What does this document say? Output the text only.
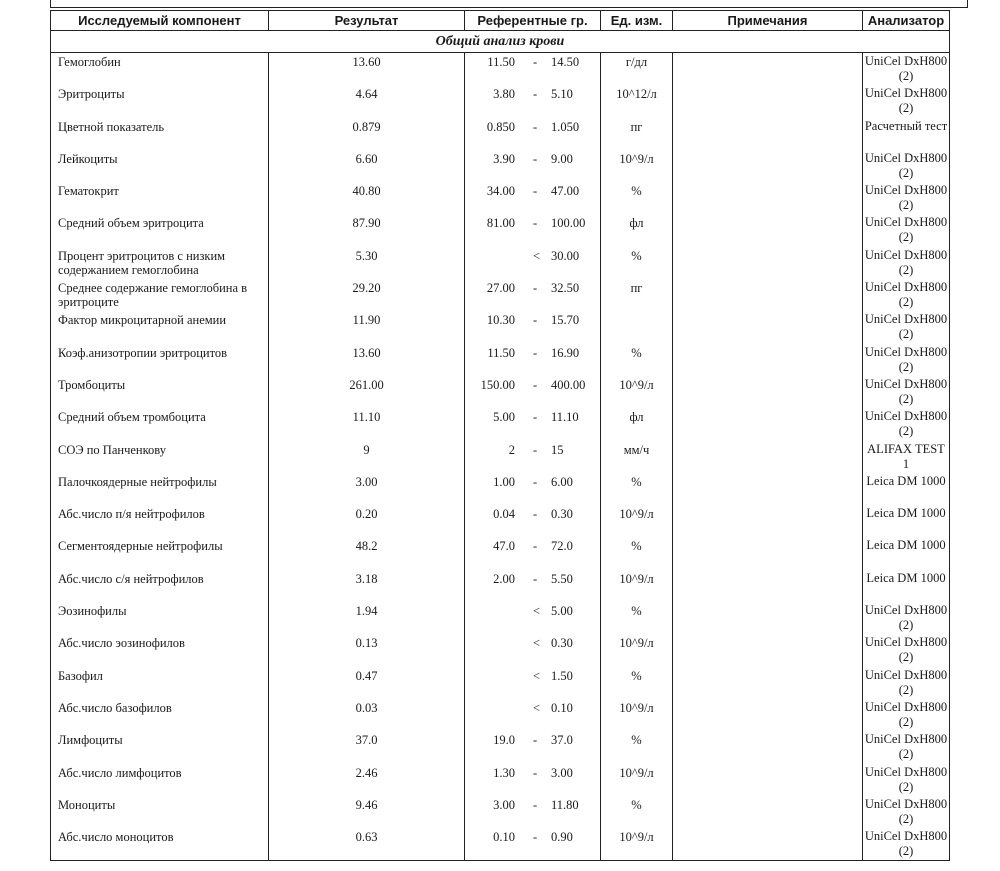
Исследуемый компонент	Результат	Референтные гр.	Ед. изм.	Примечания	Анализатор
Общий анализ крови					
Гемоглобин	13.60	11.50 - 14.50	г/дл		UniCel DxH800 (2)
Эритроциты	4.64	3.80 - 5.10	10^12/л		UniCel DxH800 (2)
Цветной показатель	0.879	0.850 - 1.050	пг		Расчетный тест
Лейкоциты	6.60	3.90 - 9.00	10^9/л		UniCel DxH800 (2)
Гематокрит	40.80	34.00 - 47.00	%		UniCel DxH800 (2)
Средний объем эритроцита	87.90	81.00 - 100.00	фл		UniCel DxH800 (2)
Процент эритроцитов с низким содержанием гемоглобина	5.30	< 30.00	%		UniCel DxH800 (2)
Среднее содержание гемоглобина в эритроците	29.20	27.00 - 32.50	пг		UniCel DxH800 (2)
Фактор микроцитарной анемии	11.90	10.30 - 15.70			UniCel DxH800 (2)
Коэф.анизотропии эритроцитов	13.60	11.50 - 16.90	%		UniCel DxH800 (2)
Тромбоциты	261.00	150.00 - 400.00	10^9/л		UniCel DxH800 (2)
Средний объем тромбоцита	11.10	5.00 - 11.10	фл		UniCel DxH800 (2)
СОЭ по Панченкову	9	2 - 15	мм/ч		ALIFAX TEST 1
Палочкоядерные нейтрофилы	3.00	1.00 - 6.00	%		Leica DM 1000
Абс.число п/я нейтрофилов	0.20	0.04 - 0.30	10^9/л		Leica DM 1000
Сегментоядерные нейтрофилы	48.2	47.0 - 72.0	%		Leica DM 1000
Абс.число с/я нейтрофилов	3.18	2.00 - 5.50	10^9/л		Leica DM 1000
Эозинофилы	1.94	< 5.00	%		UniCel DxH800 (2)
Абс.число эозинофилов	0.13	< 0.30	10^9/л		UniCel DxH800 (2)
Базофил	0.47	< 1.50	%		UniCel DxH800 (2)
Абс.число базофилов	0.03	< 0.10	10^9/л		UniCel DxH800 (2)
Лимфоциты	37.0	19.0 - 37.0	%		UniCel DxH800 (2)
Абс.число лимфоцитов	2.46	1.30 - 3.00	10^9/л		UniCel DxH800 (2)
Моноциты	9.46	3.00 - 11.80	%		UniCel DxH800 (2)
Абс.число моноцитов	0.63	0.10 - 0.90	10^9/л		UniCel DxH800 (2)
